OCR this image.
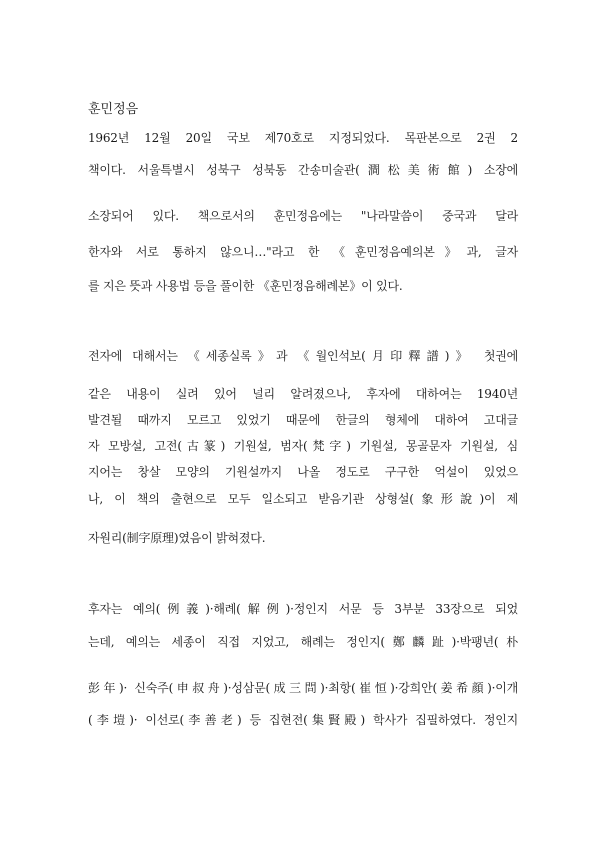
훈민정음
1962년 12월 20일 국보 제70호로 지정되었다. 목판본으로 2권 2
책이다. 서울특별시 성북구 성북동 간송미술관(澗松美術館) 소장에
소장되어 있다. 책으로서의 훈민정음에는 "나라말씀이 중국과 달라
한자와 서로 통하지 않으니…"라고 한 《훈민정음예의본》과, 글자
를 지은 뜻과 사용법 등을 풀이한 《훈민정음해례본》이 있다.
전자에 대해서는 《세종실록》과 《월인석보(月印釋譜)》 첫권에
같은 내용이 실려 있어 널리 알려졌으나, 후자에 대하여는 1940년
발견될 때까지 모르고 있었기 때문에 한글의 형체에 대하여 고대글
자 모방설, 고전(古篆) 기원설, 범자(梵字) 기원설, 몽골문자 기원설, 심
지어는 창살 모양의 기원설까지 나올 정도로 구구한 억설이 있었으
나, 이 책의 출현으로 모두 일소되고 받음기관 상형설(象形說)이 제
자원리(制字原理)였음이 밝혀졌다.
후자는 예의(例義)·해례(解例)·정인지 서문 등 3부분 33장으로 되었
는데, 예의는 세종이 직접 지었고, 해례는 정인지(鄭麟趾)·박팽년(朴
彭年)· 신숙주(申叔舟)·성삼문(成三問)·최항(崔恒)·강희안(姜希顔)·이개
(李塏)· 이선로(李善老) 등 집현전(集賢殿) 학사가 집필하였다. 정인지
